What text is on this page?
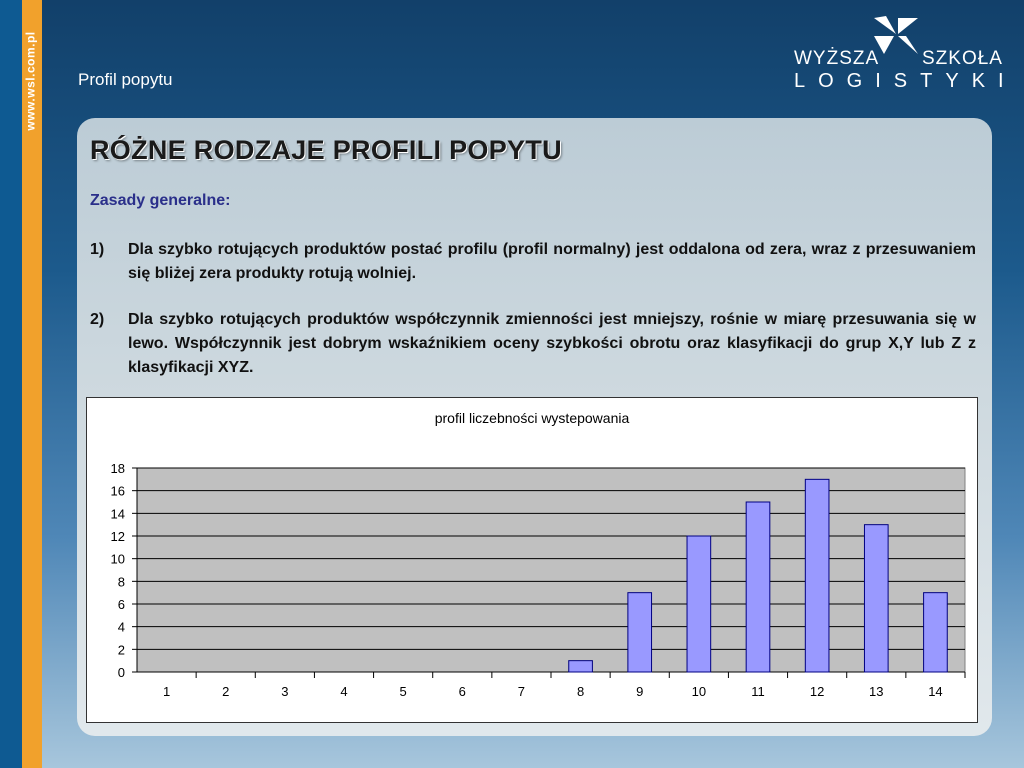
www.wsl.com.pl Profil popytu
WYŻSZA SZKOŁA
LOGISTYKI
RÓŻNE RODZAJE PROFILI POPYTU
Zasady generalne:
1) Dla szybko rotujących produktów postać profilu (profil normalny) jest oddalona od zera, wraz z przesuwaniem się bliżej zera produkty rotują wolniej.
2) Dla szybko rotujących produktów współczynnik zmienności jest mniejszy, rośnie w miarę przesuwania się w lewo. Współczynnik jest dobrym wskaźnikiem oceny szybkości obrotu oraz klasyfikacji do grup X,Y lub Z z klasyfikacji XYZ.
profil liczebności wystepowania
0
2
4
6
8
10
12
14
16
18
1	2	3	4	5	6	7	8	9	10	11	12	13	14
